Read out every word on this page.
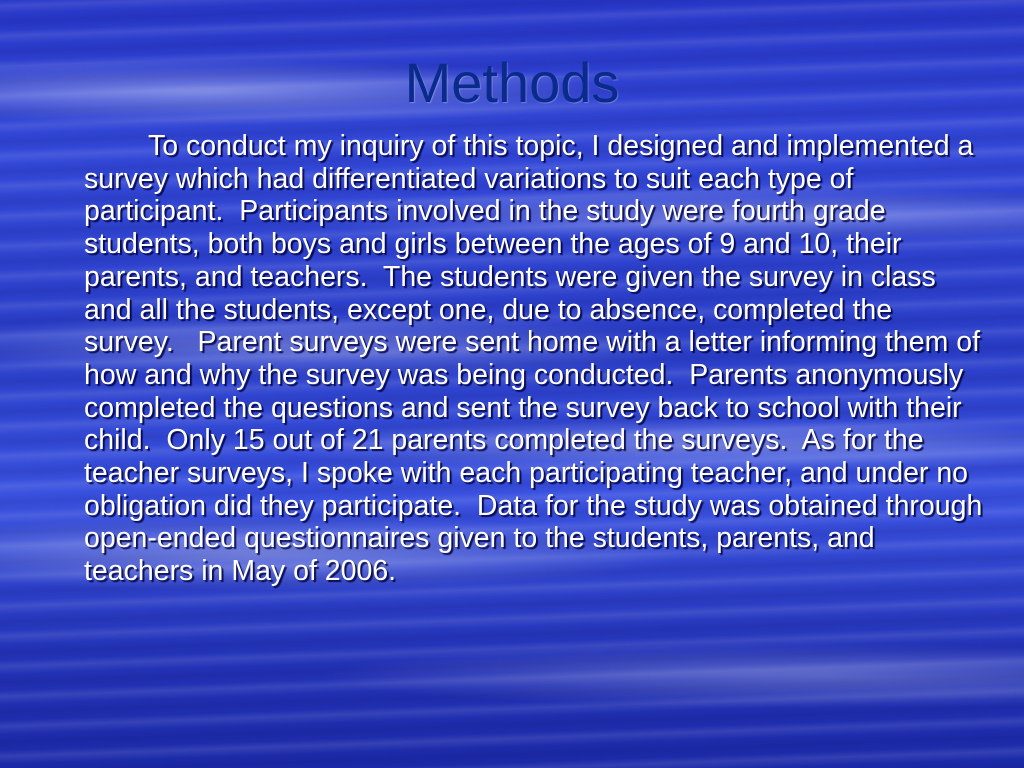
Methods
To conduct my inquiry of this topic, I designed and implemented a survey which had differentiated variations to suit each type of participant.  Participants involved in the study were fourth grade students, both boys and girls between the ages of 9 and 10, their parents, and teachers.  The students were given the survey in class and all the students, except one, due to absence, completed the survey.   Parent surveys were sent home with a letter informing them of how and why the survey was being conducted.  Parents anonymously completed the questions and sent the survey back to school with their child.  Only 15 out of 21 parents completed the surveys.  As for the teacher surveys, I spoke with each participating teacher, and under no obligation did they participate.  Data for the study was obtained through open-ended questionnaires given to the students, parents, and teachers in May of 2006.
